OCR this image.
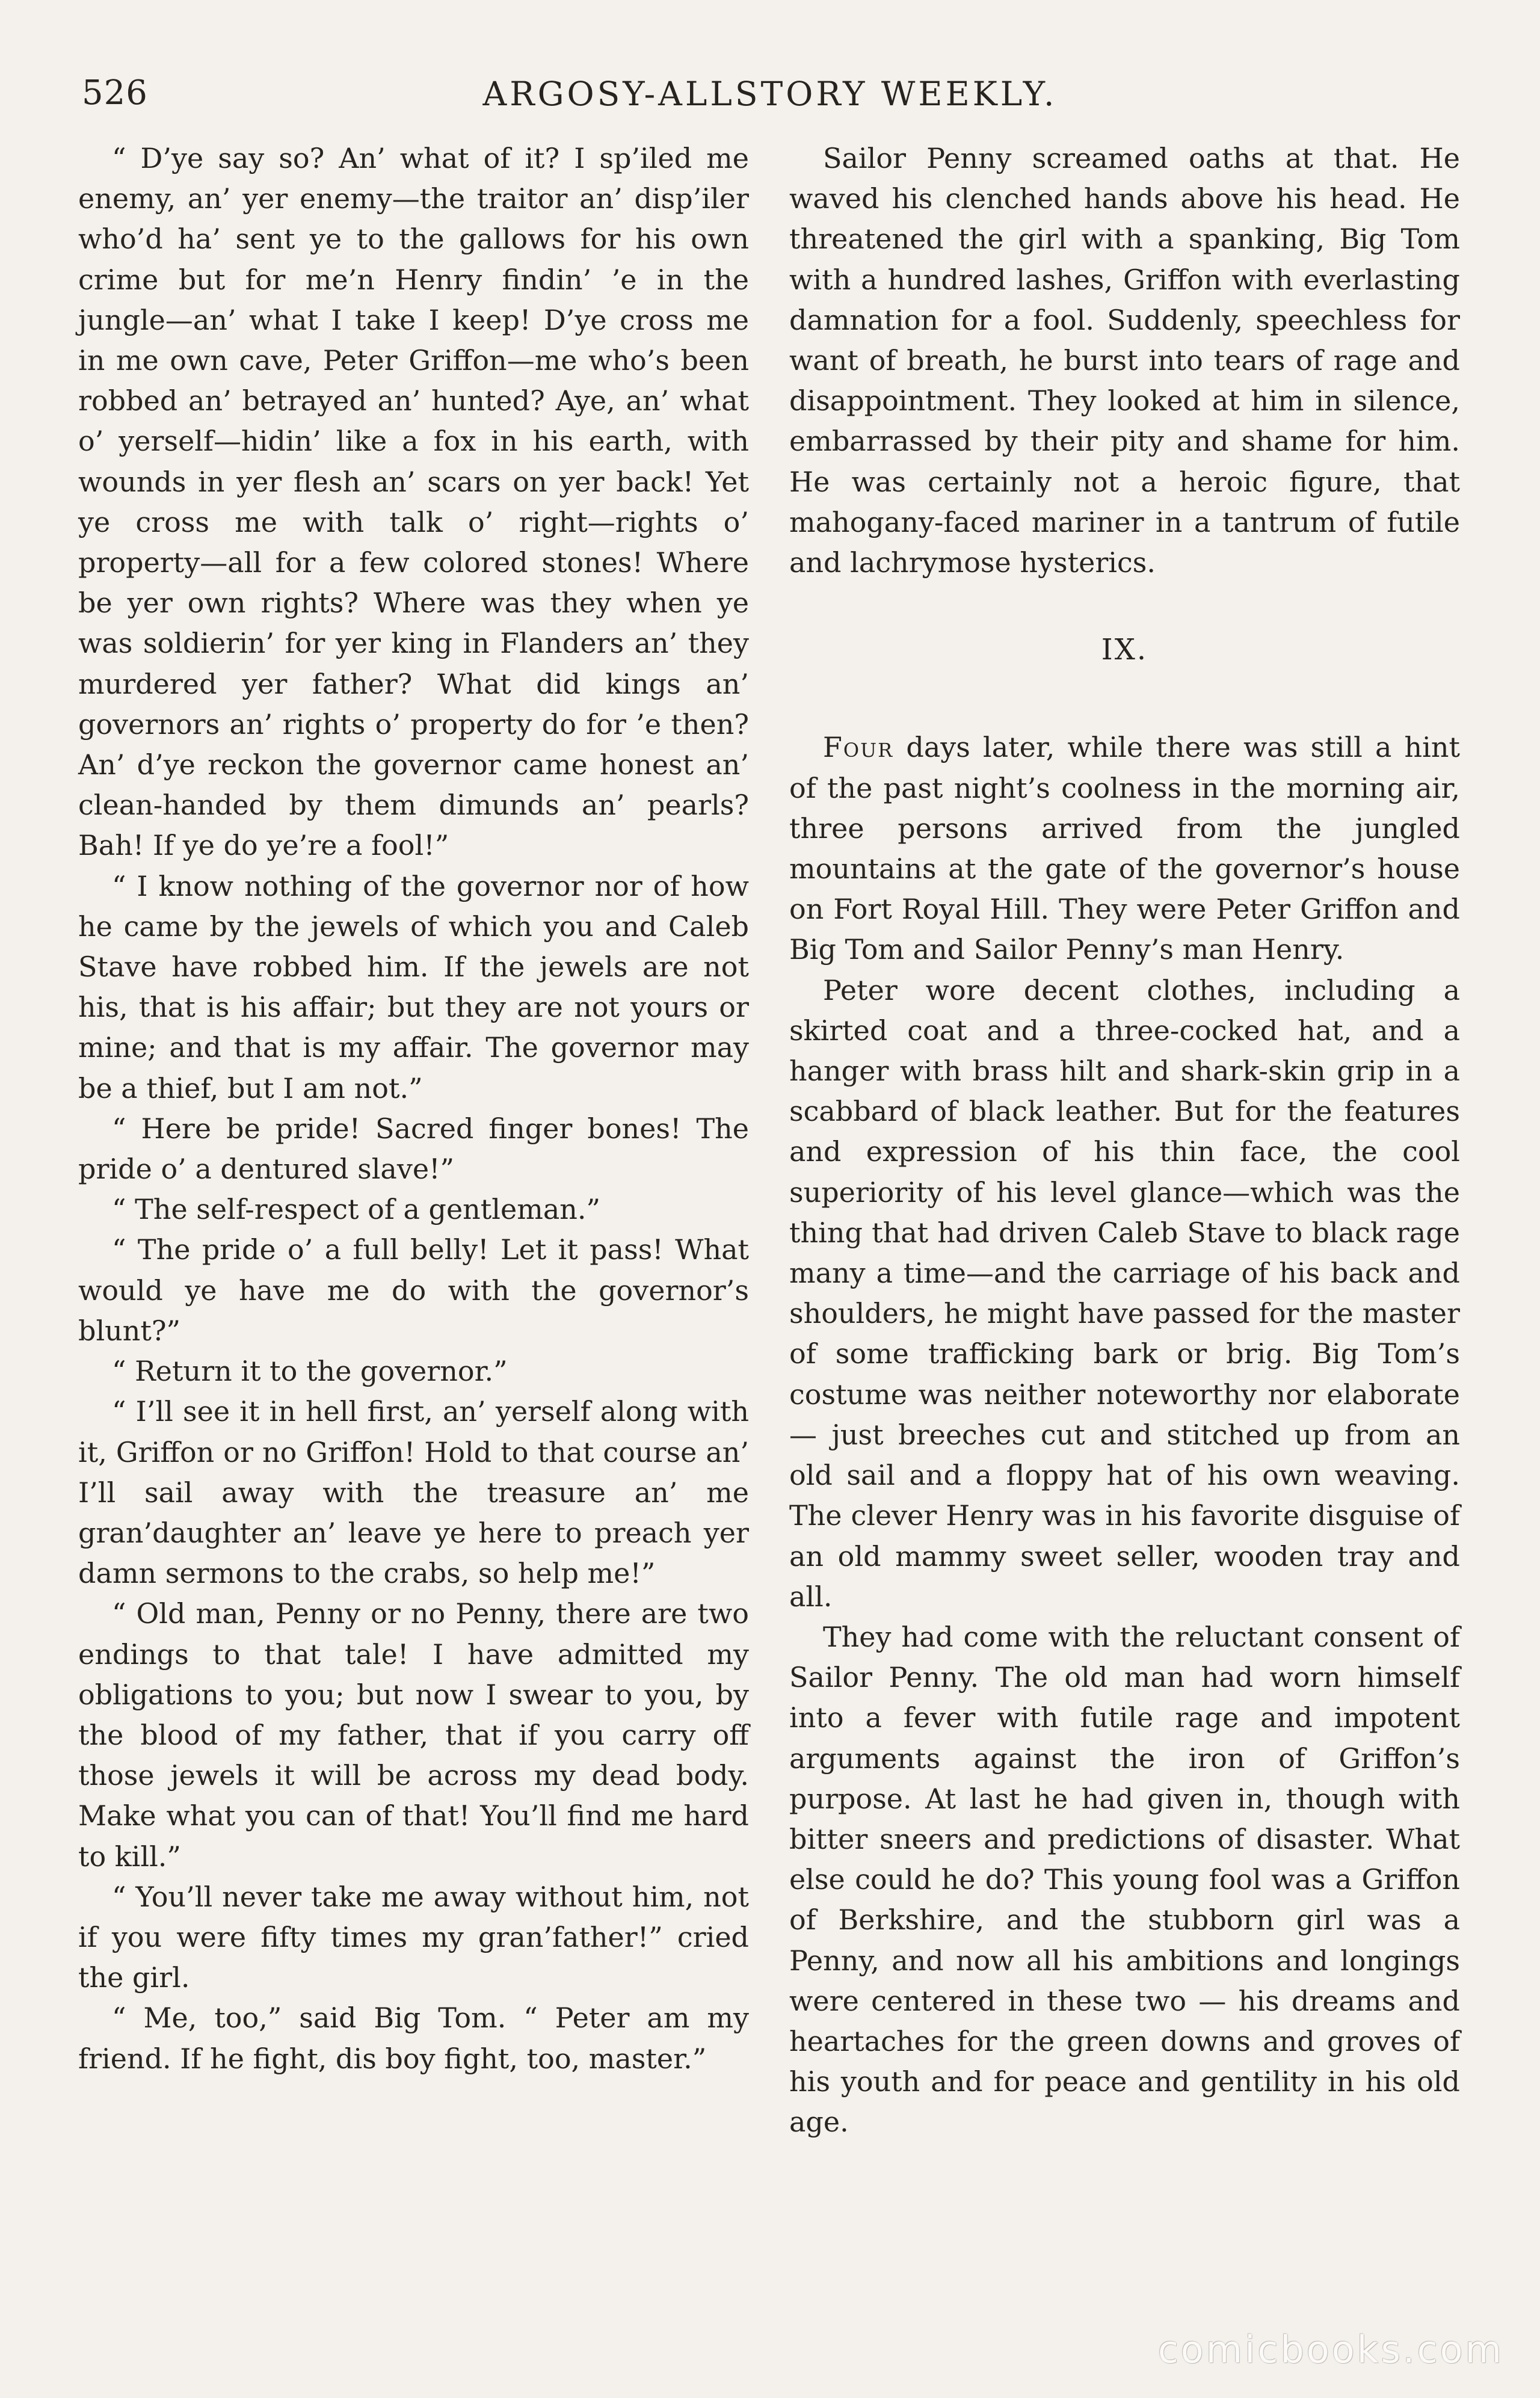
526	ARGOSY-ALLSTORY WEEKLY.

“ D’ye say so? An’ what of it? I sp’iled me enemy, an’ yer enemy—the traitor an’ disp’iler who’d ha’ sent ye to the gallows for his own crime but for me’n Henry findin’ ’e in the jungle—an’ what I take I keep! D’ye cross me in me own cave, Peter Griffon—me who’s been robbed an’ betrayed an’ hunted? Aye, an’ what o’ yerself—hidin’ like a fox in his earth, with wounds in yer flesh an’ scars on yer back! Yet ye cross me with talk o’ right—rights o’ property—all for a few colored stones! Where be yer own rights? Where was they when ye was soldierin’ for yer king in Flanders an’ they murdered yer father? What did kings an’ governors an’ rights o’ property do for ’e then? An’ d’ye reckon the governor came honest an’ clean-handed by them dimunds an’ pearls? Bah! If ye do ye’re a fool!”

“ I know nothing of the governor nor of how he came by the jewels of which you and Caleb Stave have robbed him. If the jewels are not his, that is his affair; but they are not yours or mine; and that is my affair. The governor may be a thief, but I am not.”

“ Here be pride! Sacred finger bones! The pride o’ a dentured slave!”

“ The self-respect of a gentleman.”

“ The pride o’ a full belly! Let it pass! What would ye have me do with the governor’s blunt?”

“ Return it to the governor.”

“ I’ll see it in hell first, an’ yerself along with it, Griffon or no Griffon! Hold to that course an’ I’ll sail away with the treasure an’ me gran’daughter an’ leave ye here to preach yer damn sermons to the crabs, so help me!”

“ Old man, Penny or no Penny, there are two endings to that tale! I have admitted my obligations to you; but now I swear to you, by the blood of my father, that if you carry off those jewels it will be across my dead body. Make what you can of that! You’ll find me hard to kill.”

“ You’ll never take me away without him, not if you were fifty times my gran’father!” cried the girl.

“ Me, too,” said Big Tom. “ Peter am my friend. If he fight, dis boy fight, too, master.”

Sailor Penny screamed oaths at that. He waved his clenched hands above his head. He threatened the girl with a spanking, Big Tom with a hundred lashes, Griffon with everlasting damnation for a fool. Suddenly, speechless for want of breath, he burst into tears of rage and disappointment. They looked at him in silence, embarrassed by their pity and shame for him. He was certainly not a heroic figure, that mahogany-faced mariner in a tantrum of futile and lachrymose hysterics.

IX.

Four days later, while there was still a hint of the past night’s coolness in the morning air, three persons arrived from the jungled mountains at the gate of the governor’s house on Fort Royal Hill. They were Peter Griffon and Big Tom and Sailor Penny’s man Henry.

Peter wore decent clothes, including a skirted coat and a three-cocked hat, and a hanger with brass hilt and shark-skin grip in a scabbard of black leather. But for the features and expression of his thin face, the cool superiority of his level glance—which was the thing that had driven Caleb Stave to black rage many a time—and the carriage of his back and shoulders, he might have passed for the master of some trafficking bark or brig. Big Tom’s costume was neither noteworthy nor elaborate — just breeches cut and stitched up from an old sail and a floppy hat of his own weaving. The clever Henry was in his favorite disguise of an old mammy sweet seller, wooden tray and all.

They had come with the reluctant consent of Sailor Penny. The old man had worn himself into a fever with futile rage and impotent arguments against the iron of Griffon’s purpose. At last he had given in, though with bitter sneers and predictions of disaster. What else could he do? This young fool was a Griffon of Berkshire, and the stubborn girl was a Penny, and now all his ambitions and longings were centered in these two — his dreams and heartaches for the green downs and groves of his youth and for peace and gentility in his old age.

comicbooks.com
